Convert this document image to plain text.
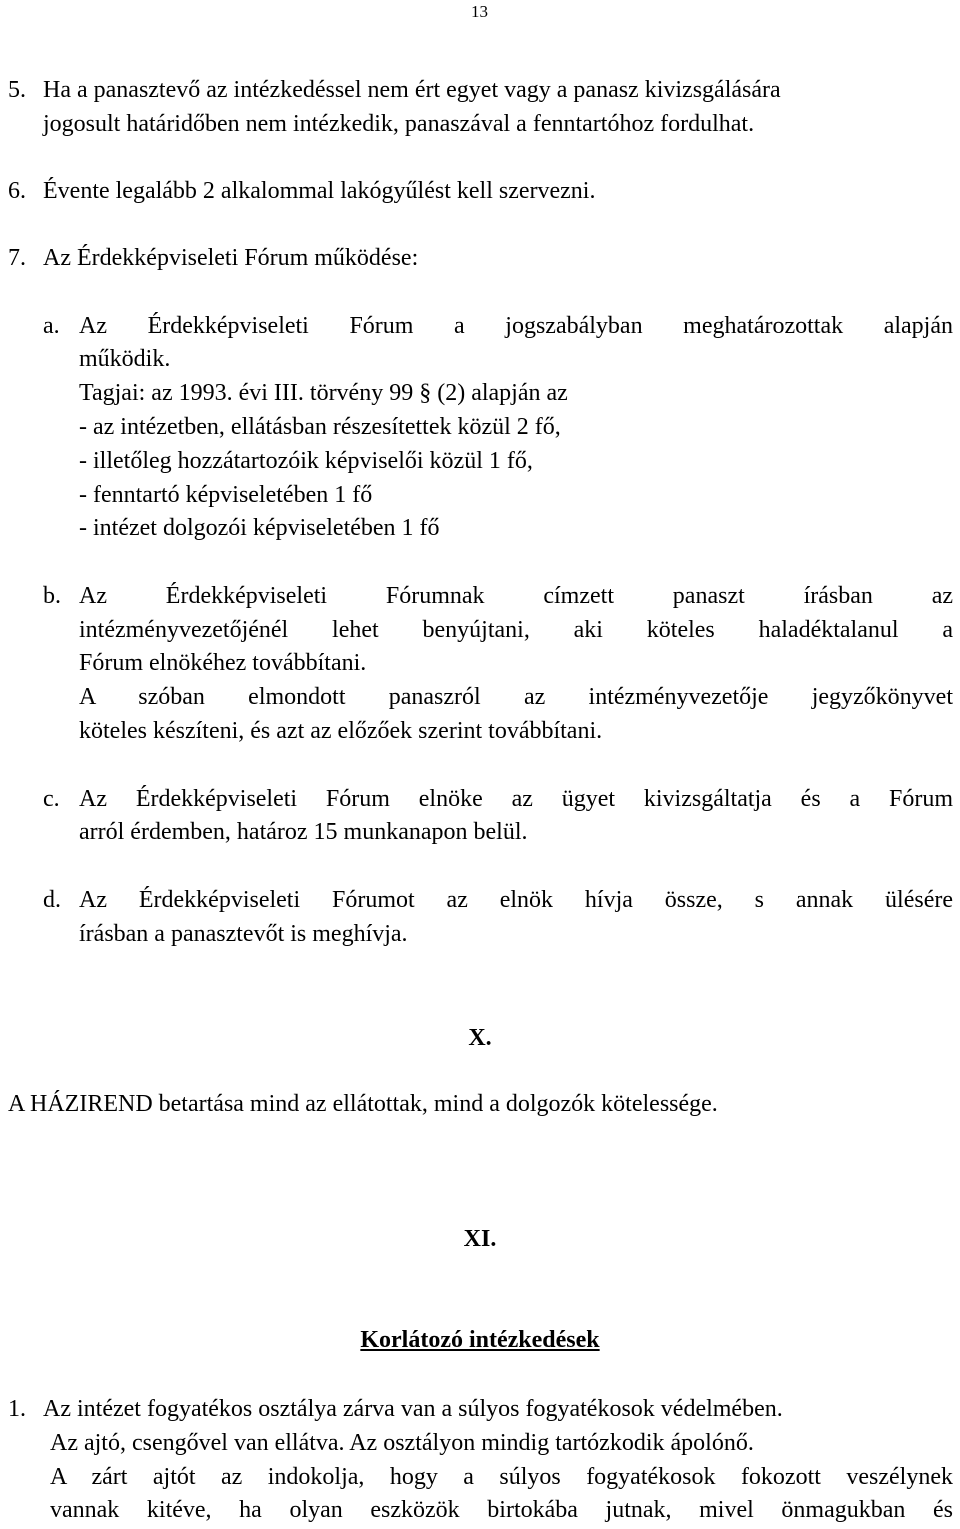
13
5. Ha a panasztevő az intézkedéssel nem ért egyet vagy a panasz kivizsgálására
jogosult határidőben nem intézkedik, panaszával a fenntartóhoz fordulhat.
6. Évente legalább 2 alkalommal lakógyűlést kell szervezni.
7. Az Érdekképviseleti Fórum működése:
a. Az Érdekképviseleti Fórum a jogszabályban meghatározottak alapján
működik.
Tagjai: az 1993. évi III. törvény 99 § (2) alapján az
- az intézetben, ellátásban részesítettek közül 2 fő,
- illetőleg hozzátartozóik képviselői közül 1 fő,
- fenntartó képviseletében 1 fő
- intézet dolgozói képviseletében 1 fő
b. Az Érdekképviseleti Fórumnak címzett panaszt írásban az
intézményvezetőjénél lehet benyújtani, aki köteles haladéktalanul a
Fórum elnökéhez továbbítani.
A szóban elmondott panaszról az intézményvezetője jegyzőkönyvet
köteles készíteni, és azt az előzőek szerint továbbítani.
c. Az Érdekképviseleti Fórum elnöke az ügyet kivizsgáltatja és a Fórum
arról érdemben, határoz 15 munkanapon belül.
d. Az Érdekképviseleti Fórumot az elnök hívja össze, s annak ülésére
írásban a panasztevőt is meghívja.
X.
A HÁZIREND betartása mind az ellátottak, mind a dolgozók kötelessége.
XI.
Korlátozó intézkedések
1. Az intézet fogyatékos osztálya zárva van a súlyos fogyatékosok védelmében.
Az ajtó, csengővel van ellátva. Az osztályon mindig tartózkodik ápolónő.
A zárt ajtót az indokolja, hogy a súlyos fogyatékosok fokozott veszélynek
vannak kitéve, ha olyan eszközök birtokába jutnak, mivel önmagukban és
